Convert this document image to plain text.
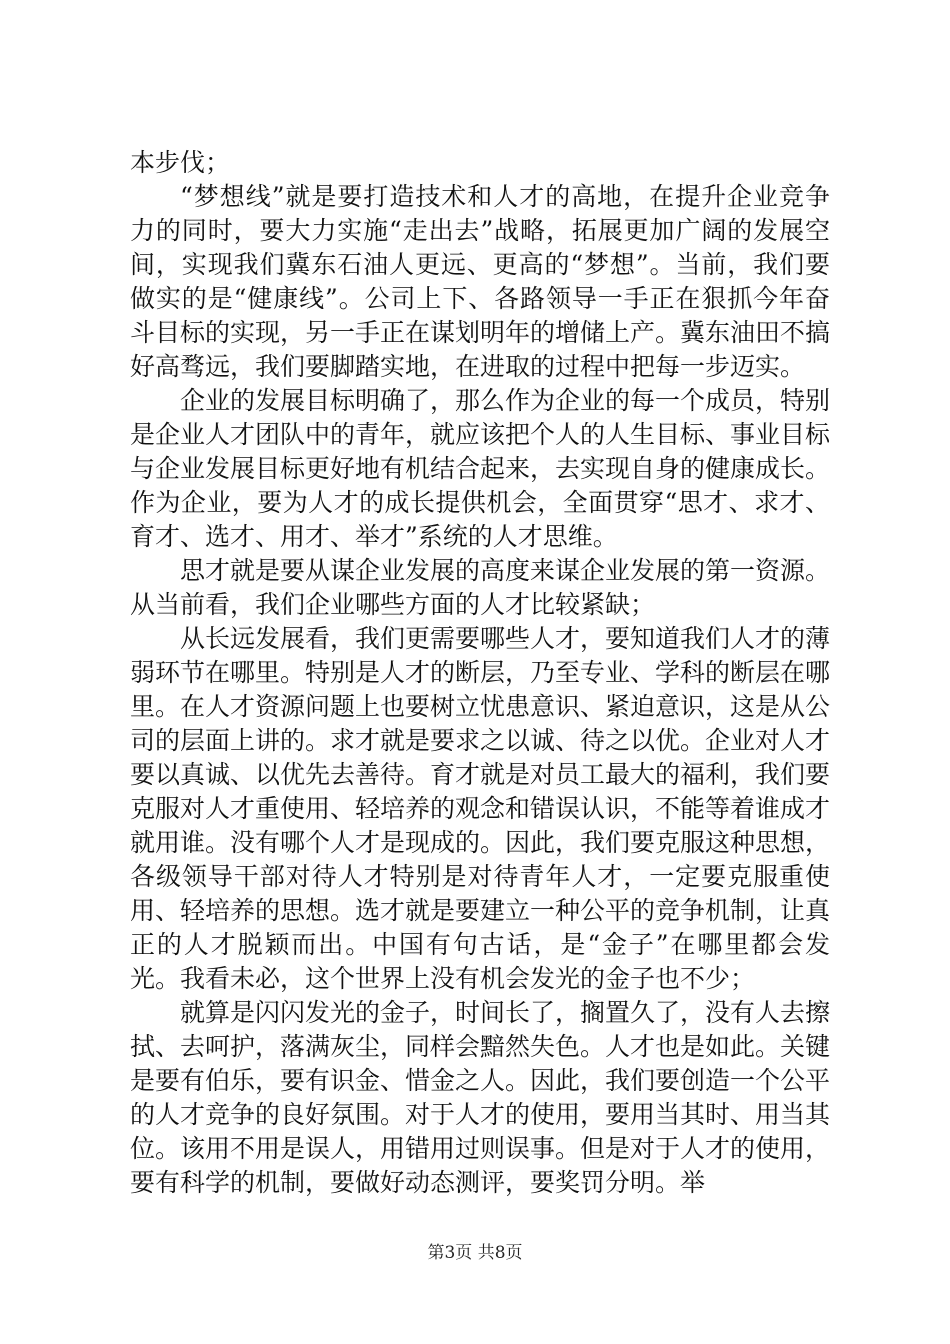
本步伐；

“梦想线”就是要打造技术和人才的高地，在提升企业竞争力的同时，要大力实施“走出去”战略，拓展更加广阔的发展空间，实现我们冀东石油人更远、更高的“梦想”。当前，我们要做实的是“健康线”。公司上下、各路领导一手正在狠抓今年奋斗目标的实现，另一手正在谋划明年的增储上产。冀东油田不搞好高骛远，我们要脚踏实地，在进取的过程中把每一步迈实。

企业的发展目标明确了，那么作为企业的每一个成员，特别是企业人才团队中的青年，就应该把个人的人生目标、事业目标与企业发展目标更好地有机结合起来，去实现自身的健康成长。作为企业，要为人才的成长提供机会，全面贯穿“思才、求才、育才、选才、用才、举才”系统的人才思维。

思才就是要从谋企业发展的高度来谋企业发展的第一资源。从当前看，我们企业哪些方面的人才比较紧缺；

从长远发展看，我们更需要哪些人才，要知道我们人才的薄弱环节在哪里。特别是人才的断层，乃至专业、学科的断层在哪里。在人才资源问题上也要树立忧患意识、紧迫意识，这是从公司的层面上讲的。求才就是要求之以诚、待之以优。企业对人才要以真诚、以优先去善待。育才就是对员工最大的福利，我们要克服对人才重使用、轻培养的观念和错误认识，不能等着谁成才就用谁。没有哪个人才是现成的。因此，我们要克服这种思想，各级领导干部对待人才特别是对待青年人才，一定要克服重使用、轻培养的思想。选才就是要建立一种公平的竞争机制，让真正的人才脱颖而出。中国有句古话，是“金子”在哪里都会发光。我看未必，这个世界上没有机会发光的金子也不少；

就算是闪闪发光的金子，时间长了，搁置久了，没有人去擦拭、去呵护，落满灰尘，同样会黯然失色。人才也是如此。关键是要有伯乐，要有识金、惜金之人。因此，我们要创造一个公平的人才竞争的良好氛围。对于人才的使用，要用当其时、用当其位。该用不用是误人，用错用过则误事。但是对于人才的使用，要有科学的机制，要做好动态测评，要奖罚分明。举

第3页 共8页
